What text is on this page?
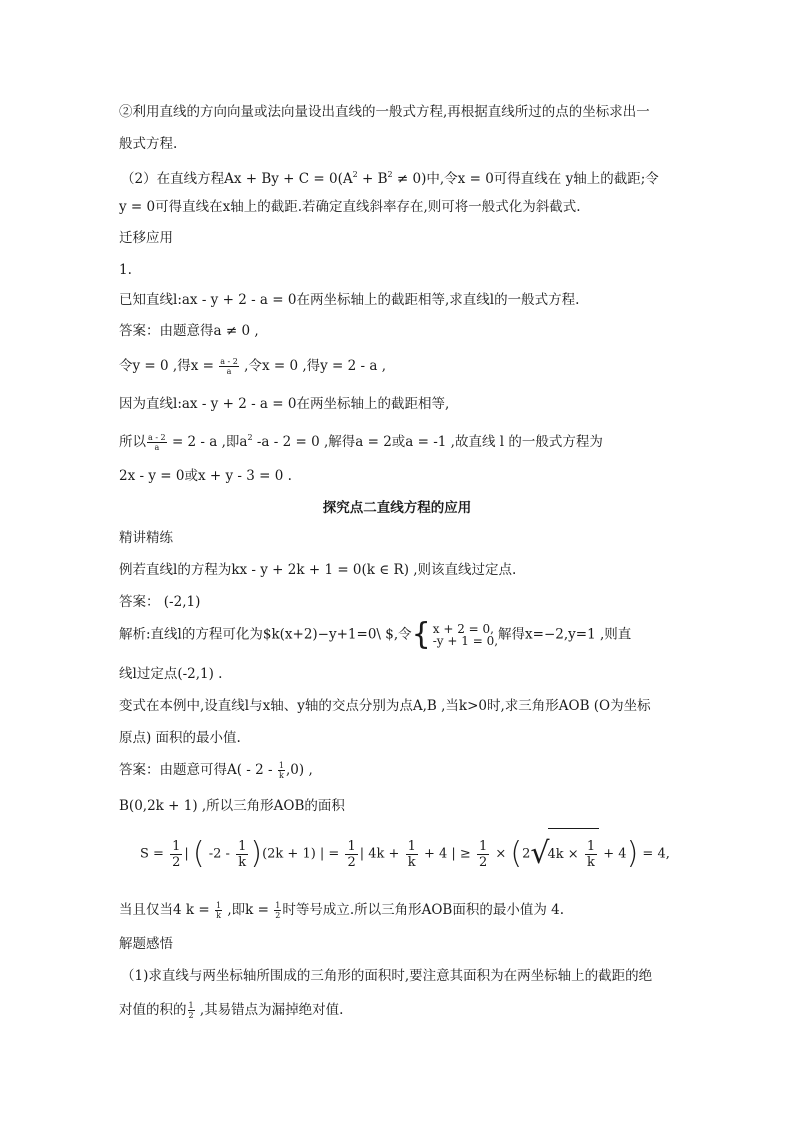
②利用直线的方向向量或法向量设出直线的一般式方程,再根据直线所过的点的坐标求出一
般式方程.
（2）在直线方程$Ax + By + C = 0(A^2 + B^2 \ne 0)$中,令x = 0可得直线在 y轴上的截距;令
y = 0可得直线在x轴上的截距.若确定直线斜率存在,则可将一般式化为斜截式.
迁移应用
1.
已知直线l:ax - y + 2 - a = 0在两坐标轴上的截距相等,求直线l的一般式方程.
答案：由题意得a ≠ 0 ,
令y = 0 ,得$x = \frac{a - 2}{a}$ ,令x = 0 ,得y = 2 - a ,
因为直线l:ax - y + 2 - a = 0在两坐标轴上的截距相等,
所以 $\frac{a - 2}{a} = 2 - a$ ,即$a^2$ -a - 2 = 0 ,解得a = 2或a = -1 ,故直线 l 的一般式方程为
2x - y = 0或x + y - 3 = 0 .
探究点二直线方程的应用
精讲精练
例若直线l的方程为kx - y + 2k + 1 = 0(k ∈ R) ,则该直线过定点.
答案： (-2,1)
解析:直线l的方程可化为$k(x+2)−y+1=0\ $,令{ x + 2 = 0,
-y + 1 = 0, 解得x=−2,y=1 ,则直
线l过定点(-2,1) .
变式在本例中,设直线l与x轴、y轴的交点分别为点A,B ,当k>0时,求三角形AOB (O为坐标
原点) 面积的最小值.
答案：由题意可得$A( - 2 - \frac{1}{k} ,0)$ ,
B(0,2k + 1) ,所以三角形AOB的面积
$S = \frac{1}{2}$ | ( $-2 - \frac{1}{k} )(2k + 1)$ | = $\frac{1}{2}$ | $4k + \frac{1}{k} + 4$ | ≥ $\frac{1}{2} \times (2√4k \times \frac{1}{k} + 4) = 4$,
当且仅当4 $k = \frac{1}{k}$ ,即$k = \frac{1}{2}$ 时等号成立.所以三角形AOB面积的最小值为 4.
解题感悟
（1)求直线与两坐标轴所围成的三角形的面积时,要注意其面积为在两坐标轴上的截距的绝
对值的积的 $\frac{1}{2}$ ,其易错点为漏掉绝对值.
